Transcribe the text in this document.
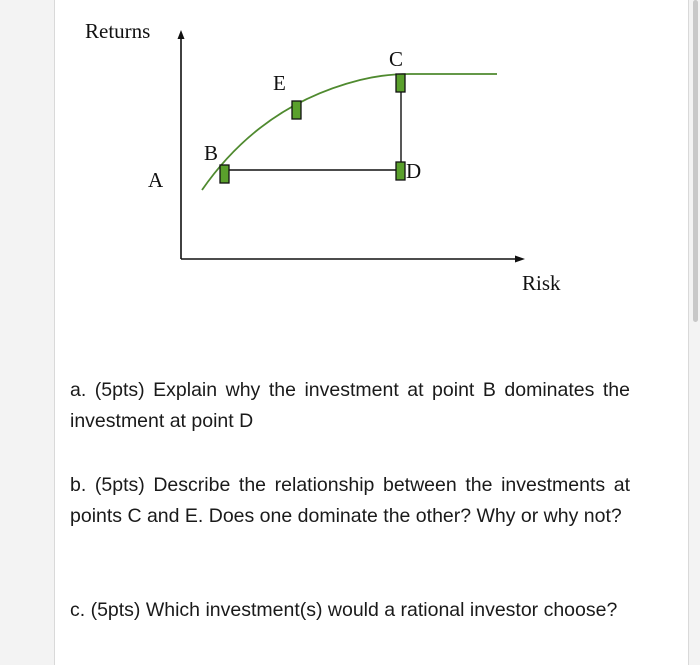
Returns
Risk
A
B
E
C
D

a. (5pts) Explain why the investment at point B dominates the investment at point D

b. (5pts) Describe the relationship between the investments at points C and E. Does one dominate the other? Why or why not?

c. (5pts) Which investment(s) would a rational investor choose?
